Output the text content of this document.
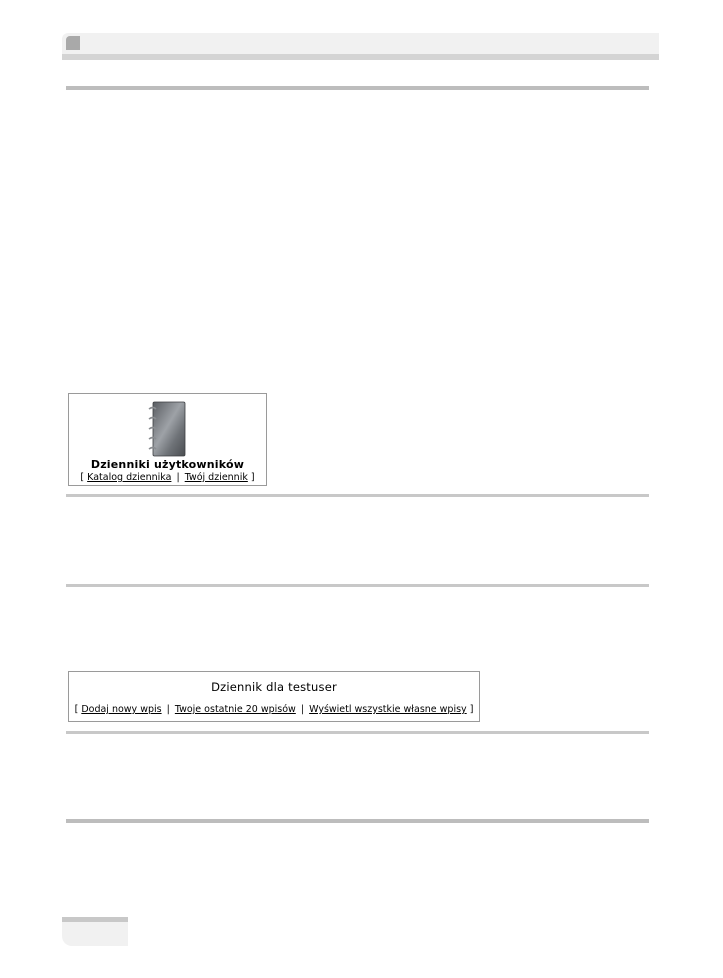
Dzienniki użytkowników
[ Katalog dziennika | Twój dziennik ]
Dziennik dla testuser
[ Dodaj nowy wpis | Twoje ostatnie 20 wpisów | Wyświetl wszystkie własne wpisy ]
